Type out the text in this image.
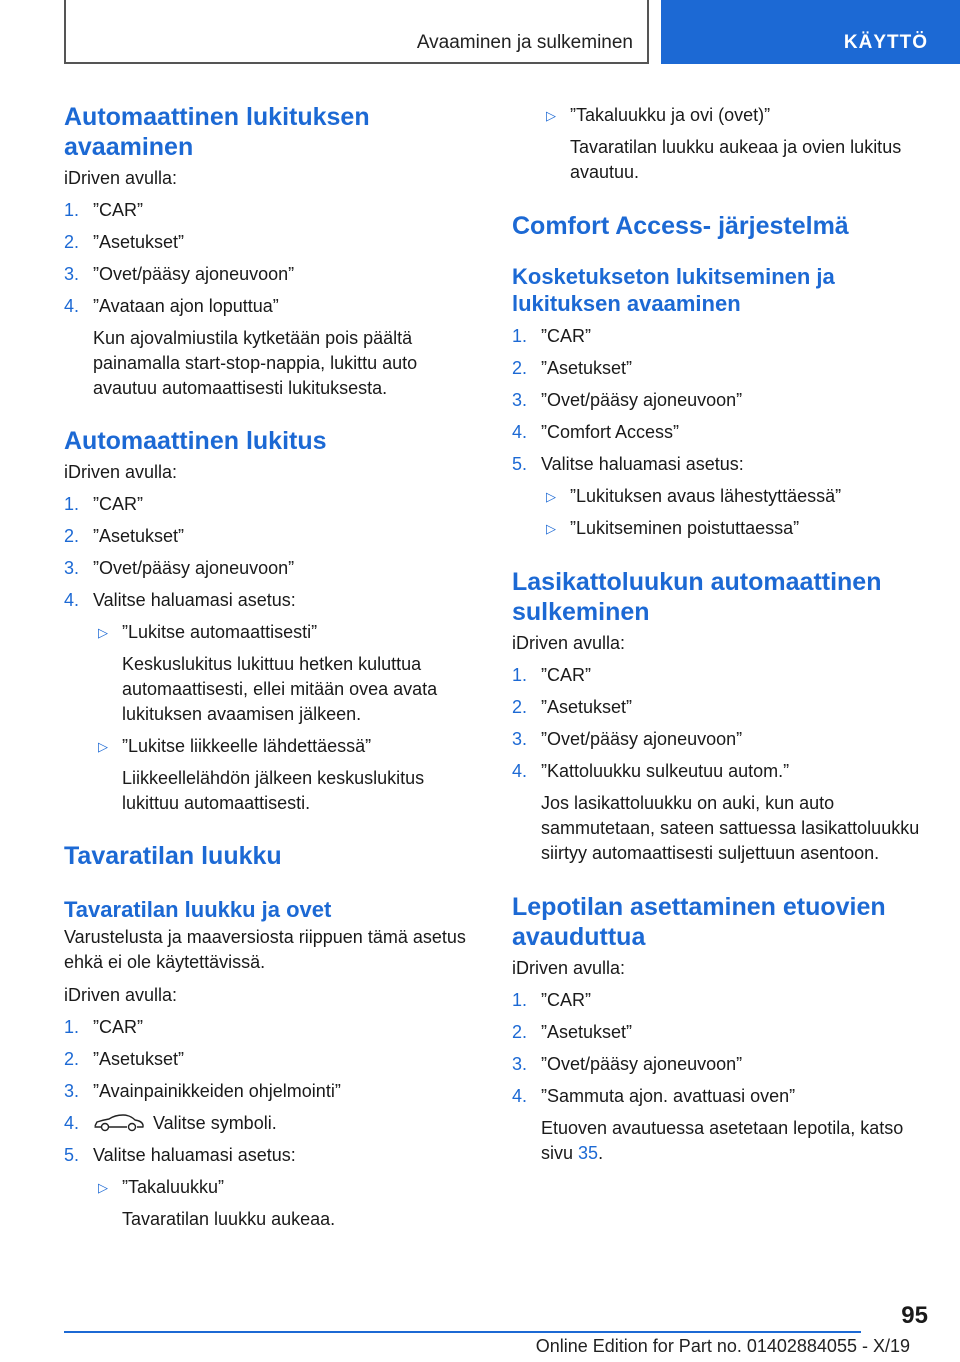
Avaaminen ja sulkeminen	KÄYTTÖ
Automaattinen lukituksen avaaminen

iDriven avulla:

1. ”CAR”
2. ”Asetukset”
3. ”Ovet/pääsy ajoneuvoon”
4. ”Avataan ajon loputtua”
Kun ajovalmiustila kytketään pois päältä painamalla start-stop-nappia, lukittu auto avautuu automaattisesti lukituksesta.
Automaattinen lukitus

iDriven avulla:

1. ”CAR”
2. ”Asetukset”
3. ”Ovet/pääsy ajoneuvoon”
4. Valitse haluamasi asetus:
▷ ”Lukitse automaattisesti”
Keskuslukitus lukittuu hetken kuluttua automaattisesti, ellei mitään ovea avata lukituksen avaamisen jälkeen.
▷ ”Lukitse liikkeelle lähdettäessä”
Liikkeellelähdön jälkeen keskuslukitus lukittuu automaattisesti.
Tavaratilan luukku
Tavaratilan luukku ja ovet

Varustelusta ja maaversiosta riippuen tämä asetus ehkä ei ole käytettävissä.

iDriven avulla:

1. ”CAR”
2. ”Asetukset”
3. ”Avainpainikkeiden ohjelmointi”
4.	Valitse symboli.
5. Valitse haluamasi asetus:
▷ ”Takaluukku”
Tavaratilan luukku aukeaa.
▷ ”Takaluukku ja ovi (ovet)”
Tavaratilan luukku aukeaa ja ovien lukitus avautuu.
Comfort Access- järjestelmä
Kosketukseton lukitseminen ja lukituksen avaaminen
1. ”CAR”
2. ”Asetukset”
3. ”Ovet/pääsy ajoneuvoon”
4. ”Comfort Access”
5. Valitse haluamasi asetus:
▷ ”Lukituksen avaus lähestyttäessä”
▷ ”Lukitseminen poistuttaessa”
Lasikattoluukun automaattinen sulkeminen

iDriven avulla:

1. ”CAR”
2. ”Asetukset”
3. ”Ovet/pääsy ajoneuvoon”
4. ”Kattoluukku sulkeutuu autom.”
Jos lasikattoluukku on auki, kun auto sammutetaan, sateen sattuessa lasikattoluukku siirtyy automaattisesti suljettuun asentoon.
Lepotilan asettaminen etuovien avauduttua

iDriven avulla:

1. ”CAR”
2. ”Asetukset”
3. ”Ovet/pääsy ajoneuvoon”
4. ”Sammuta ajon. avattuasi oven”
Etuoven avautuessa asetetaan lepotila, katso sivu 35.
95
Online Edition for Part no. 01402884055 - X/19
